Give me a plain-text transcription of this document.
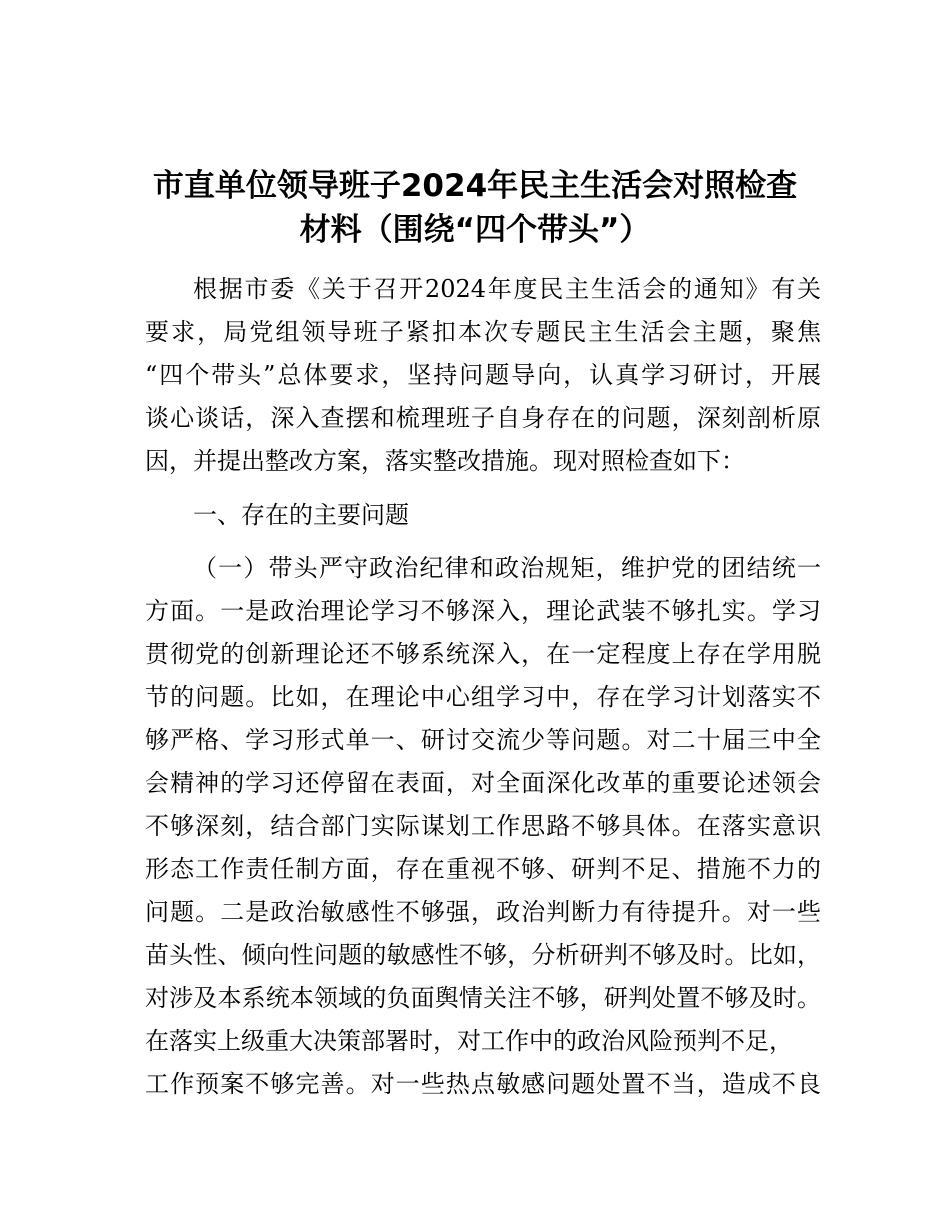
市直单位领导班子2024年民主生活会对照检查
材料（围绕“四个带头”）
根据市委《关于召开2024年度民主生活会的通知》有关
要求，局党组领导班子紧扣本次专题民主生活会主题，聚焦
“四个带头”总体要求，坚持问题导向，认真学习研讨，开展
谈心谈话，深入查摆和梳理班子自身存在的问题，深刻剖析原
因，并提出整改方案，落实整改措施。现对照检查如下：
一、存在的主要问题
（一）带头严守政治纪律和政治规矩，维护党的团结统一
方面。一是政治理论学习不够深入，理论武装不够扎实。学习
贯彻党的创新理论还不够系统深入，在一定程度上存在学用脱
节的问题。比如，在理论中心组学习中，存在学习计划落实不
够严格、学习形式单一、研讨交流少等问题。对二十届三中全
会精神的学习还停留在表面，对全面深化改革的重要论述领会
不够深刻，结合部门实际谋划工作思路不够具体。在落实意识
形态工作责任制方面，存在重视不够、研判不足、措施不力的
问题。二是政治敏感性不够强，政治判断力有待提升。对一些
苗头性、倾向性问题的敏感性不够，分析研判不够及时。比如，
对涉及本系统本领域的负面舆情关注不够，研判处置不够及时。
在落实上级重大决策部署时，对工作中的政治风险预判不足，
工作预案不够完善。对一些热点敏感问题处置不当，造成不良
